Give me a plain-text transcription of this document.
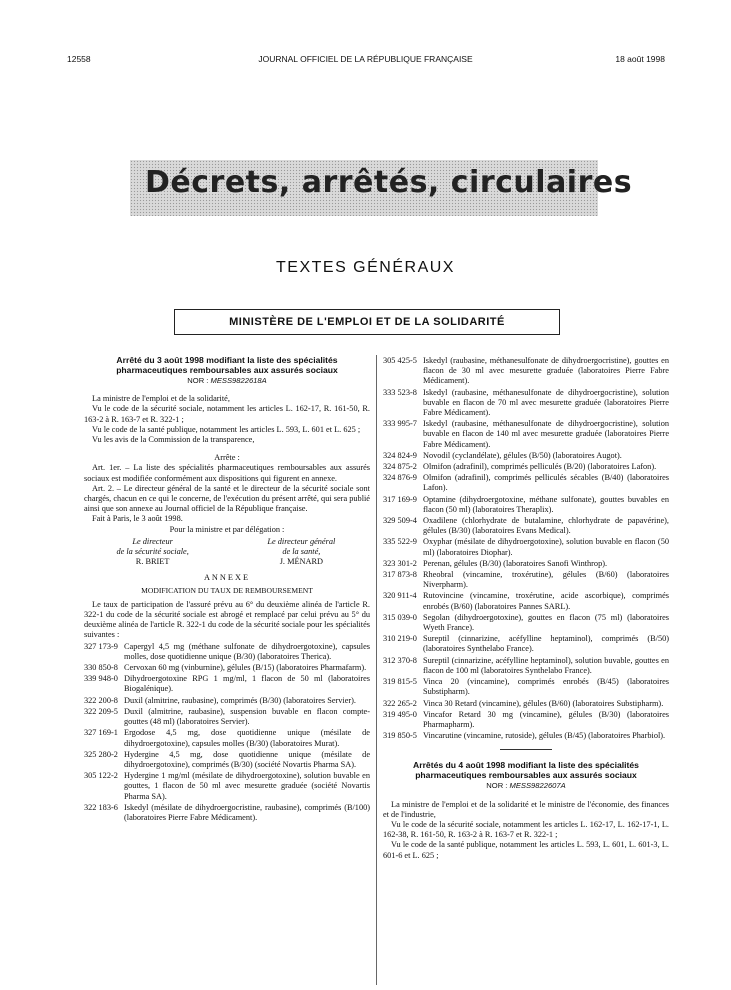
12558	JOURNAL OFFICIEL DE LA RÉPUBLIQUE FRANÇAISE	18 août 1998
Décrets, arrêtés, circulaires
TEXTES GÉNÉRAUX
MINISTÈRE DE L'EMPLOI ET DE LA SOLIDARITÉ
Arrêté du 3 août 1998 modifiant la liste des spécialités pharmaceutiques remboursables aux assurés sociaux
NOR : MESS9822618A

La ministre de l'emploi et de la solidarité,

Vu le code de la sécurité sociale, notamment les articles L. 162-17, R. 161-50, R. 163-2 à R. 163-7 et R. 322-1 ;

Vu le code de la santé publique, notamment les articles L. 593, L. 601 et L. 625 ;

Vu les avis de la Commission de la transparence,

Arrête :

Art. 1er. – La liste des spécialités pharmaceutiques remboursables aux assurés sociaux est modifiée conformément aux dispositions qui figurent en annexe.

Art. 2. – Le directeur général de la santé et le directeur de la sécurité sociale sont chargés, chacun en ce qui le concerne, de l'exécution du présent arrêté, qui sera publié ainsi que son annexe au Journal officiel de la République française.

Fait à Paris, le 3 août 1998.

Pour la ministre et par délégation :

Le directeur
de la sécurité sociale,
R. BRIET
Le directeur général
de la santé,
J. MÉNARD
ANNEXE
MODIFICATION DU TAUX DE REMBOURSEMENT

Le taux de participation de l'assuré prévu au 6° du deuxième alinéa de l'article R. 322-1 du code de la sécurité sociale est abrogé et remplacé par celui prévu au 5° du deuxième alinéa de l'article R. 322-1 du code de la sécurité sociale pour les spécialités suivantes :

327 173-9 Capergyl 4,5 mg (méthane sulfonate de dihydroergotoxine), capsules molles, dose quotidienne unique (B/30) (laboratoires Therica).
330 850-8 Cervoxan 60 mg (vinburnine), gélules (B/15) (laboratoires Pharmafarm).
339 948-0 Dihydroergotoxine RPG 1 mg/ml, 1 flacon de 50 ml (laboratoires Biogalénique).
322 200-8 Duxil (almitrine, raubasine), comprimés (B/30) (laboratoires Servier).
322 209-5 Duxil (almitrine, raubasine), suspension buvable en flacon compte-gouttes (48 ml) (laboratoires Servier).
327 169-1 Ergodose 4,5 mg, dose quotidienne unique (mésilate de dihydroergotoxine), capsules molles (B/30) (laboratoires Murat).
325 280-2 Hydergine 4,5 mg, dose quotidienne unique (mésilate de dihydroergotoxine), comprimés (B/30) (société Novartis Pharma SA).
305 122-2 Hydergine 1 mg/ml (mésilate de dihydroergotoxine), solution buvable en gouttes, 1 flacon de 50 ml avec mesurette graduée (société Novartis Pharma SA).
322 183-6 Iskedyl (mésilate de dihydroergocristine, raubasine), comprimés (B/100) (laboratoires Pierre Fabre Médicament).
305 425-5 Iskedyl (raubasine, méthanesulfonate de dihydroergocristine), gouttes en flacon de 30 ml avec mesurette graduée (laboratoires Pierre Fabre Médicament).
333 523-8 Iskedyl (raubasine, méthanesulfonate de dihydroergocristine), solution buvable en flacon de 70 ml avec mesurette graduée (laboratoires Pierre Fabre Médicament).
333 995-7 Iskedyl (raubasine, méthanesulfonate de dihydroergocristine), solution buvable en flacon de 140 ml avec mesurette graduée (laboratoires Pierre Fabre Médicament).
324 824-9 Novodil (cyclandélate), gélules (B/50) (laboratoires Augot).
324 875-2 Olmifon (adrafinil), comprimés pelliculés (B/20) (laboratoires Lafon).
324 876-9 Olmifon (adrafinil), comprimés pelliculés sécables (B/40) (laboratoires Lafon).
317 169-9 Optamine (dihydroergotoxine, méthane sulfonate), gouttes buvables en flacon (50 ml) (laboratoires Theraplix).
329 509-4 Oxadilene (chlorhydrate de butalamine, chlorhydrate de papavérine), gélules (B/30) (laboratoires Evans Medical).
335 522-9 Oxyphar (mésilate de dihydroergotoxine), solution buvable en flacon (50 ml) (laboratoires Diophar).
323 301-2 Perenan, gélules (B/30) (laboratoires Sanofi Winthrop).
317 873-8 Rheobral (vincamine, troxérutine), gélules (B/60) (laboratoires Niverpharm).
320 911-4 Rutovincine (vincamine, troxérutine, acide ascorbique), comprimés enrobés (B/60) (laboratoires Pannes SARL).
315 039-0 Segolan (dihydroergotoxine), gouttes en flacon (75 ml) (laboratoires Wyeth France).
310 219-0 Sureptil (cinnarizine, acéfylline heptaminol), comprimés (B/50) (laboratoires Synthelabo France).
312 370-8 Sureptil (cinnarizine, acéfylline heptaminol), solution buvable, gouttes en flacon de 100 ml (laboratoires Synthelabo France).
319 815-5 Vinca 20 (vincamine), comprimés enrobés (B/45) (laboratoires Substipharm).
322 265-2 Vinca 30 Retard (vincamine), gélules (B/60) (laboratoires Substipharm).
319 495-0 Vincafor Retard 30 mg (vincamine), gélules (B/30) (laboratoires Pharmapharm).
319 850-5 Vincarutine (vincamine, rutoside), gélules (B/45) (laboratoires Pharbiol).
Arrêtés du 4 août 1998 modifiant la liste des spécialités pharmaceutiques remboursables aux assurés sociaux
NOR : MESS9822607A

La ministre de l'emploi et de la solidarité et le ministre de l'économie, des finances et de l'industrie,

Vu le code de la sécurité sociale, notamment les articles L. 162-17, L. 162-17-1, L. 162-38, R. 161-50, R. 163-2 à R. 163-7 et R. 322-1 ;

Vu le code de la santé publique, notamment les articles L. 593, L. 601, L. 601-3, L. 601-6 et L. 625 ;
